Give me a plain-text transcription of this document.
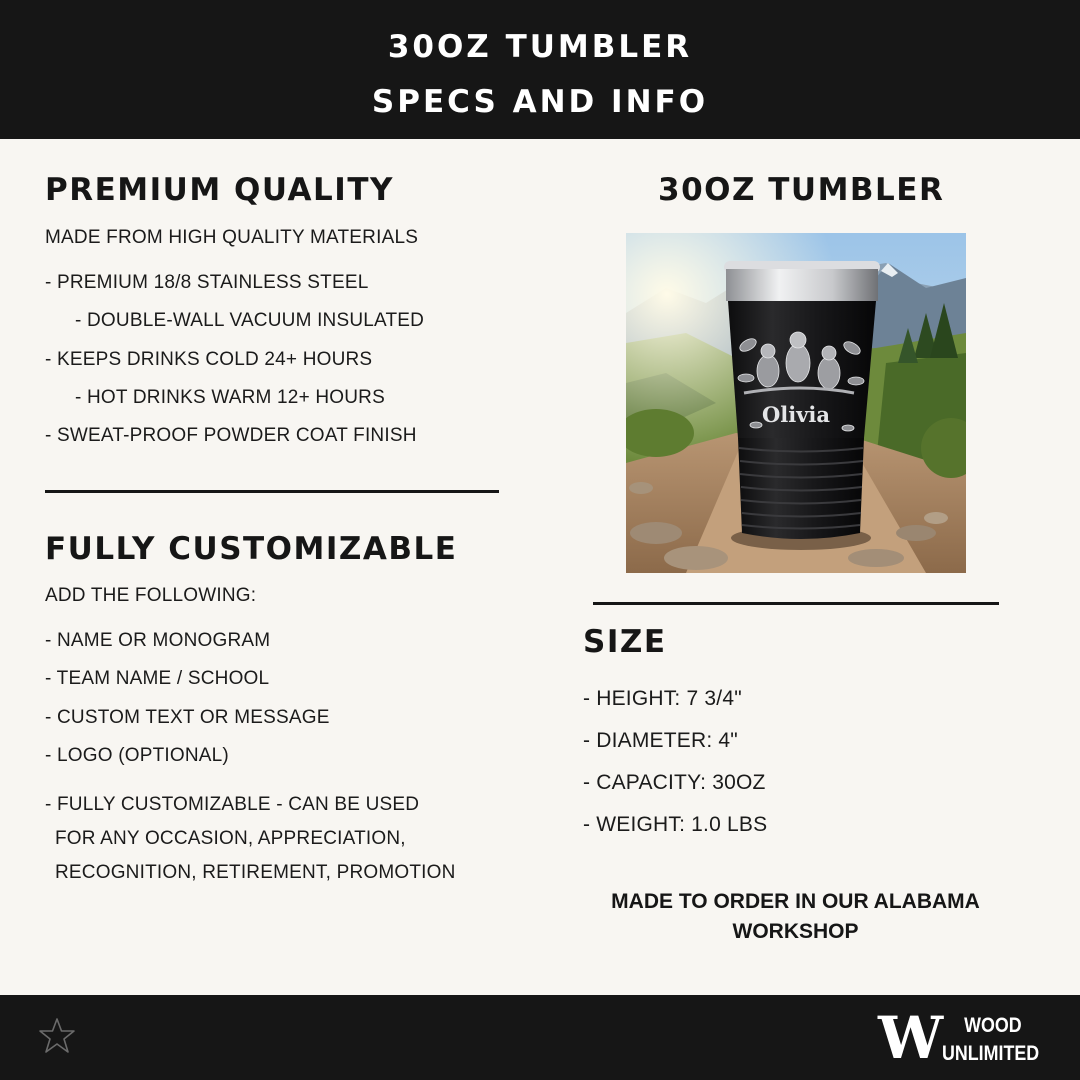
30OZ TUMBLER
SPECS AND INFO
PREMIUM QUALITY
MADE FROM HIGH QUALITY MATERIALS
- PREMIUM 18/8 STAINLESS STEEL
- DOUBLE-WALL VACUUM INSULATED
- KEEPS DRINKS COLD 24+ HOURS
- HOT DRINKS WARM 12+ HOURS
- SWEAT-PROOF POWDER COAT FINISH
FULLY CUSTOMIZABLE
ADD THE FOLLOWING:
- NAME OR MONOGRAM
- TEAM NAME / SCHOOL
- CUSTOM TEXT OR MESSAGE
- LOGO (OPTIONAL)
- FULLY CUSTOMIZABLE - CAN BE USED
FOR ANY OCCASION, APPRECIATION,
RECOGNITION, RETIREMENT, PROMOTION
30OZ TUMBLER
Olivia
SIZE
- HEIGHT: 7 3/4"
- DIAMETER: 4"
- CAPACITY: 30OZ
- WEIGHT: 1.0 LBS
MADE TO ORDER IN OUR ALABAMA
WORKSHOP
W WOOD
UNLIMITED
